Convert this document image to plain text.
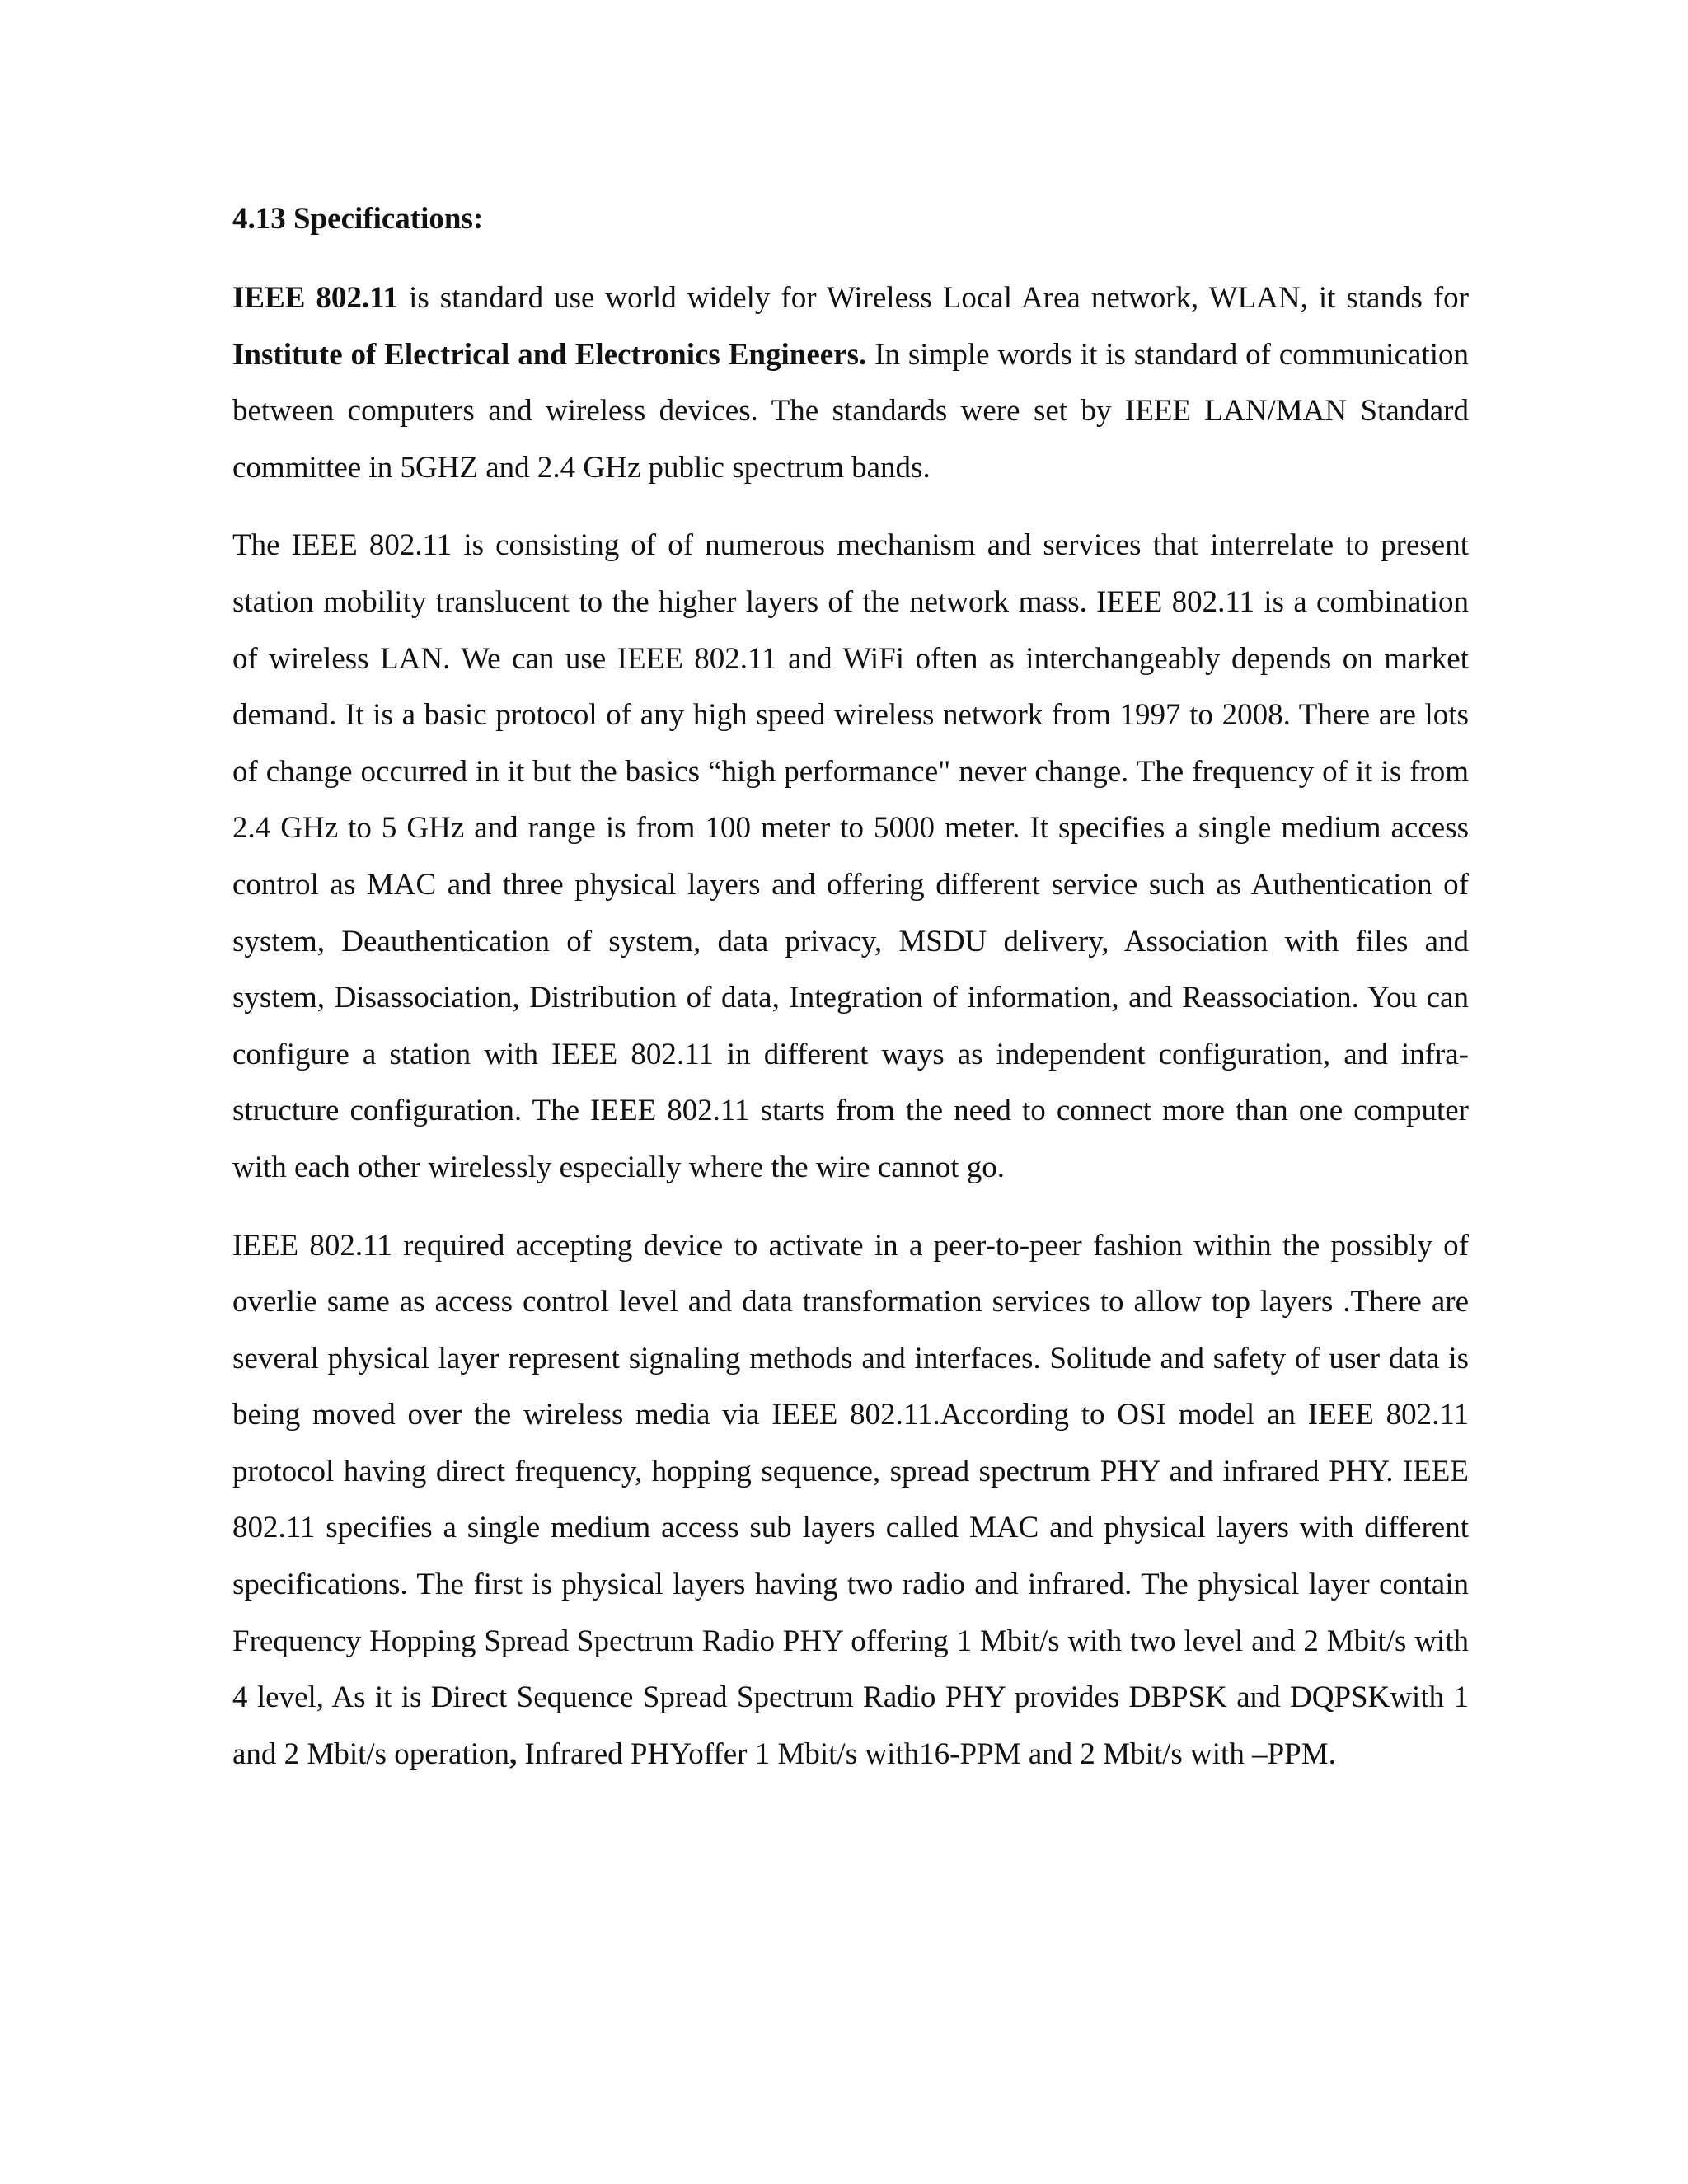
4.13 Specifications:

IEEE 802.11 is standard use world widely for Wireless Local Area network, WLAN, it stands for Institute of Electrical and Electronics Engineers. In simple words it is standard of communication between computers and wireless devices. The standards were set by IEEE LAN/MAN Standard committee in 5GHZ and 2.4 GHz public spectrum bands.

The IEEE 802.11 is consisting of of numerous mechanism and services that interrelate to present station mobility translucent to the higher layers of the network mass. IEEE 802.11 is a combination of wireless LAN. We can use IEEE 802.11 and WiFi often as interchangeably depends on market demand. It is a basic protocol of any high speed wireless network from 1997 to 2008. There are lots of change occurred in it but the basics “high performance" never change. The frequency of it is from 2.4 GHz to 5 GHz and range is from 100 meter to 5000 meter. It specifies a single medium access control as MAC and three physical layers and offering different service such as Authentication of system, Deauthentication of system, data privacy, MSDU delivery, Association with files and system, Disassociation, Distribution of data, Integration of information, and Reassociation. You can configure a station with IEEE 802.11 in different ways as independent configuration, and infra-structure configuration. The IEEE 802.11 starts from the need to connect more than one computer with each other wirelessly especially where the wire cannot go.

IEEE 802.11 required accepting device to activate in a peer-to-peer fashion within the possibly of overlie same as access control level and data transformation services to allow top layers .There are several physical layer represent signaling methods and interfaces. Solitude and safety of user data is being moved over the wireless media via IEEE 802.11.According to OSI model an IEEE 802.11 protocol having direct frequency, hopping sequence, spread spectrum PHY and infrared PHY. IEEE 802.11 specifies a single medium access sub layers called MAC and physical layers with different specifications. The first is physical layers having two radio and infrared. The physical layer contain Frequency Hopping Spread Spectrum Radio PHY offering 1 Mbit/s with two level and 2 Mbit/s with 4 level, As it is Direct Sequence Spread Spectrum Radio PHY provides DBPSK and DQPSKwith 1 and 2 Mbit/s operation, Infrared PHYoffer 1 Mbit/s with16-PPM and 2 Mbit/s with –PPM.
